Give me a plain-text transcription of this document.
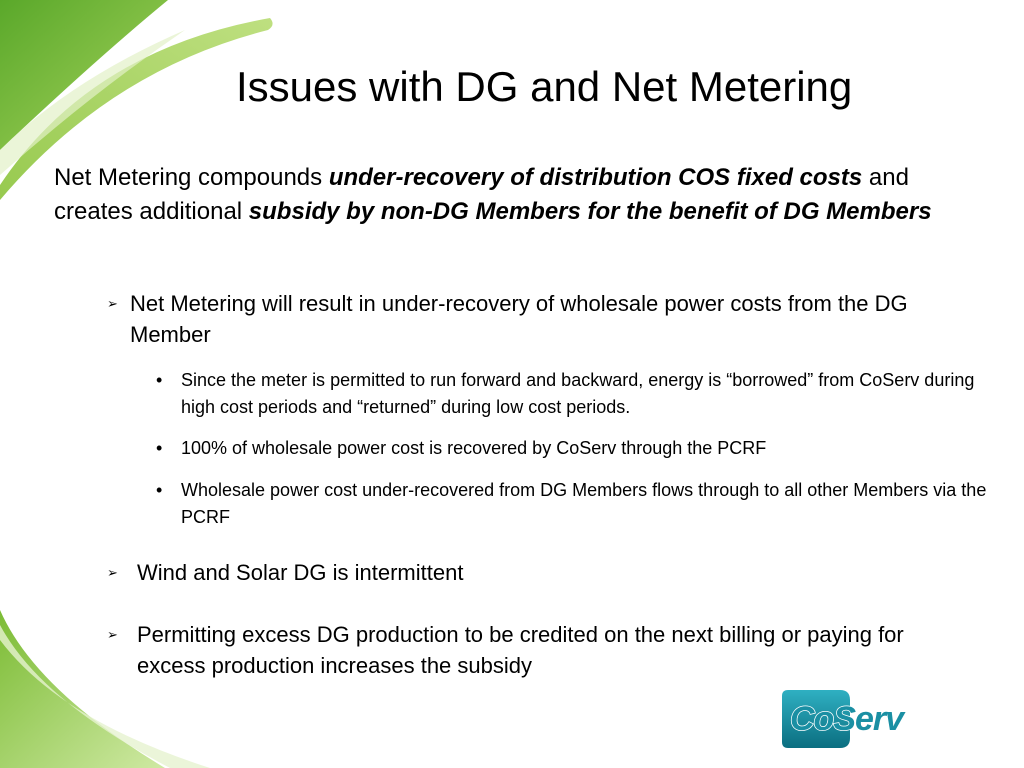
Issues with DG and Net Metering

Net Metering compounds under-recovery of distribution COS fixed costs and creates additional subsidy by non-DG Members for the benefit of DG Members

➢ Net Metering will result in under-recovery of wholesale power costs from the DG Member
• Since the meter is permitted to run forward and backward, energy is “borrowed” from CoServ during high cost periods and “returned” during low cost periods.
• 100% of wholesale power cost is recovered by CoServ through the PCRF
• Wholesale power cost under-recovered from DG Members flows through to all other Members via the PCRF
➢ Wind and Solar DG is intermittent
➢ Permitting excess DG production to be credited on the next billing or paying for excess production increases the subsidy
CoServ
